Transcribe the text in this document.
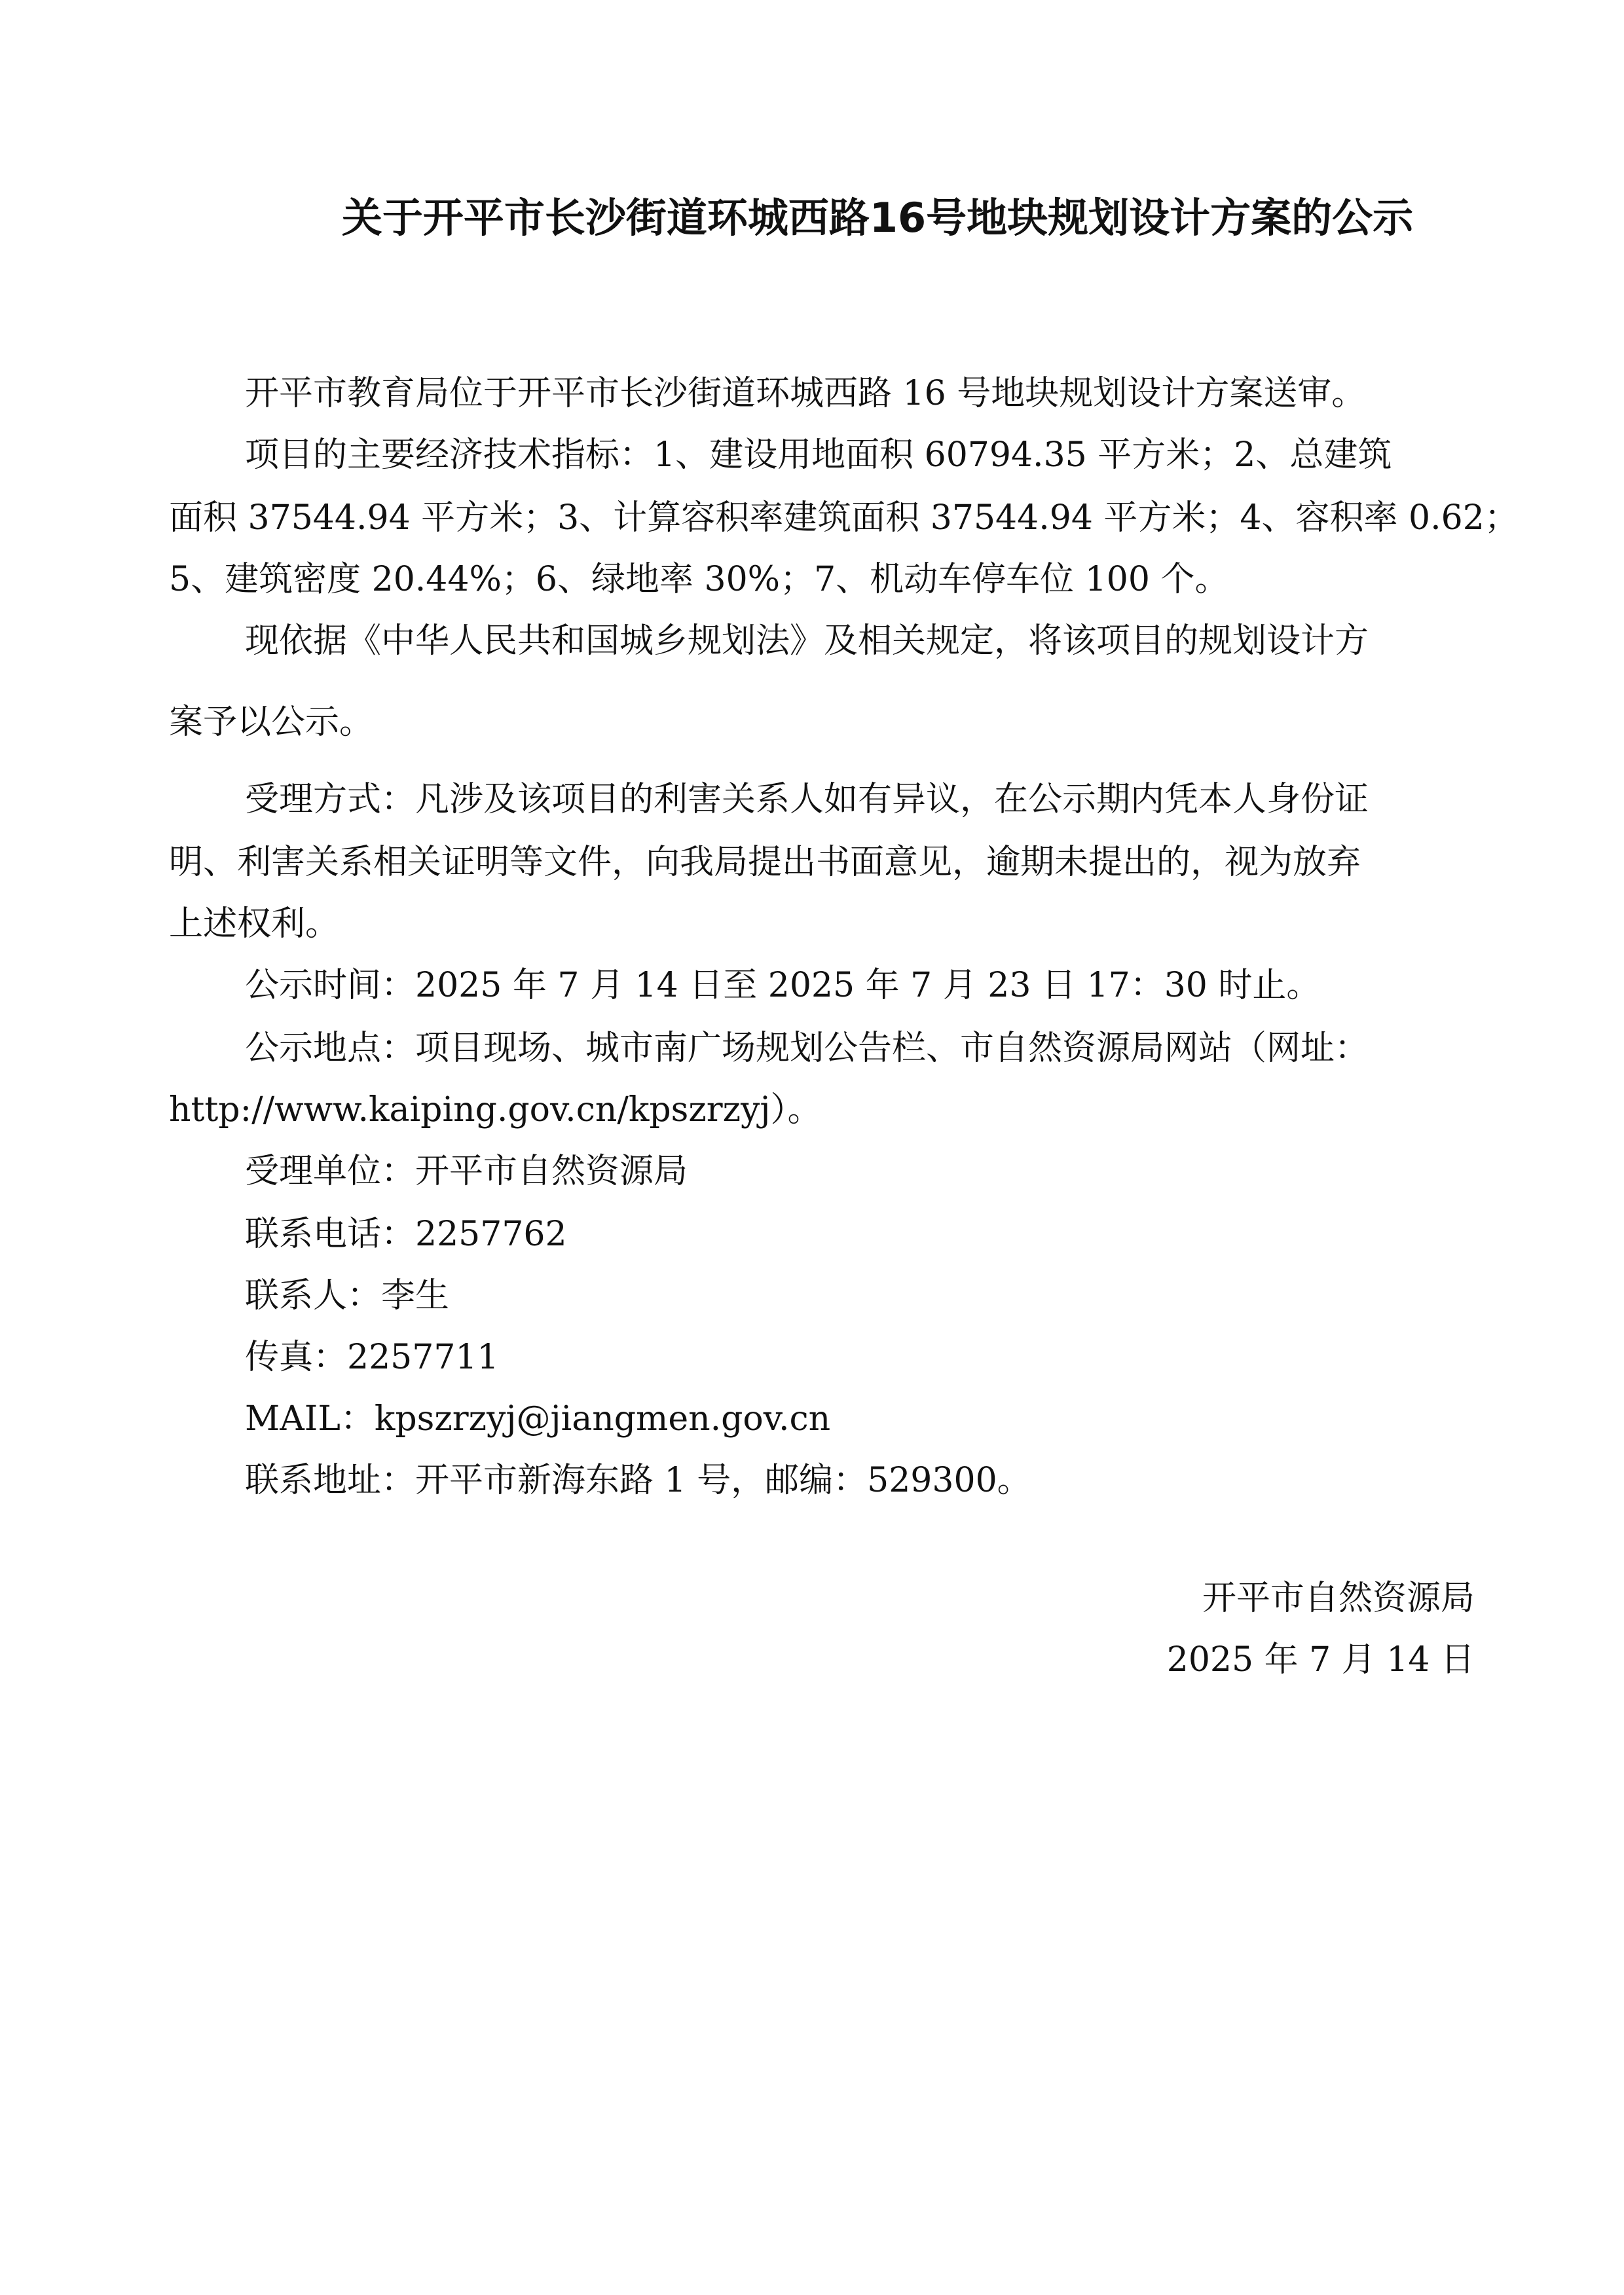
关于开平市长沙街道环城西路16号地块规划设计方案的公示
开平市教育局位于开平市长沙街道环城西路 16 号地块规划设计方案送审。
项目的主要经济技术指标：1、建设用地面积 60794.35 平方米；2、总建筑
面积 37544.94 平方米；3、计算容积率建筑面积 37544.94 平方米；4、容积率 0.62；
5、建筑密度 20.44%；6、绿地率 30%；7、机动车停车位 100 个。
现依据《中华人民共和国城乡规划法》及相关规定，将该项目的规划设计方
案予以公示。
受理方式：凡涉及该项目的利害关系人如有异议，在公示期内凭本人身份证
明、利害关系相关证明等文件，向我局提出书面意见，逾期未提出的，视为放弃
上述权利。
公示时间：2025 年 7 月 14 日至 2025 年 7 月 23 日 17：30 时止。
公示地点：项目现场、城市南广场规划公告栏、市自然资源局网站（网址：
http://www.kaiping.gov.cn/kpszrzyj）。
受理单位：开平市自然资源局
联系电话：2257762
联系人：李生
传真：2257711
MAIL：kpszrzyj@jiangmen.gov.cn
联系地址：开平市新海东路 1 号，邮编：529300。
开平市自然资源局
2025 年 7 月 14 日
